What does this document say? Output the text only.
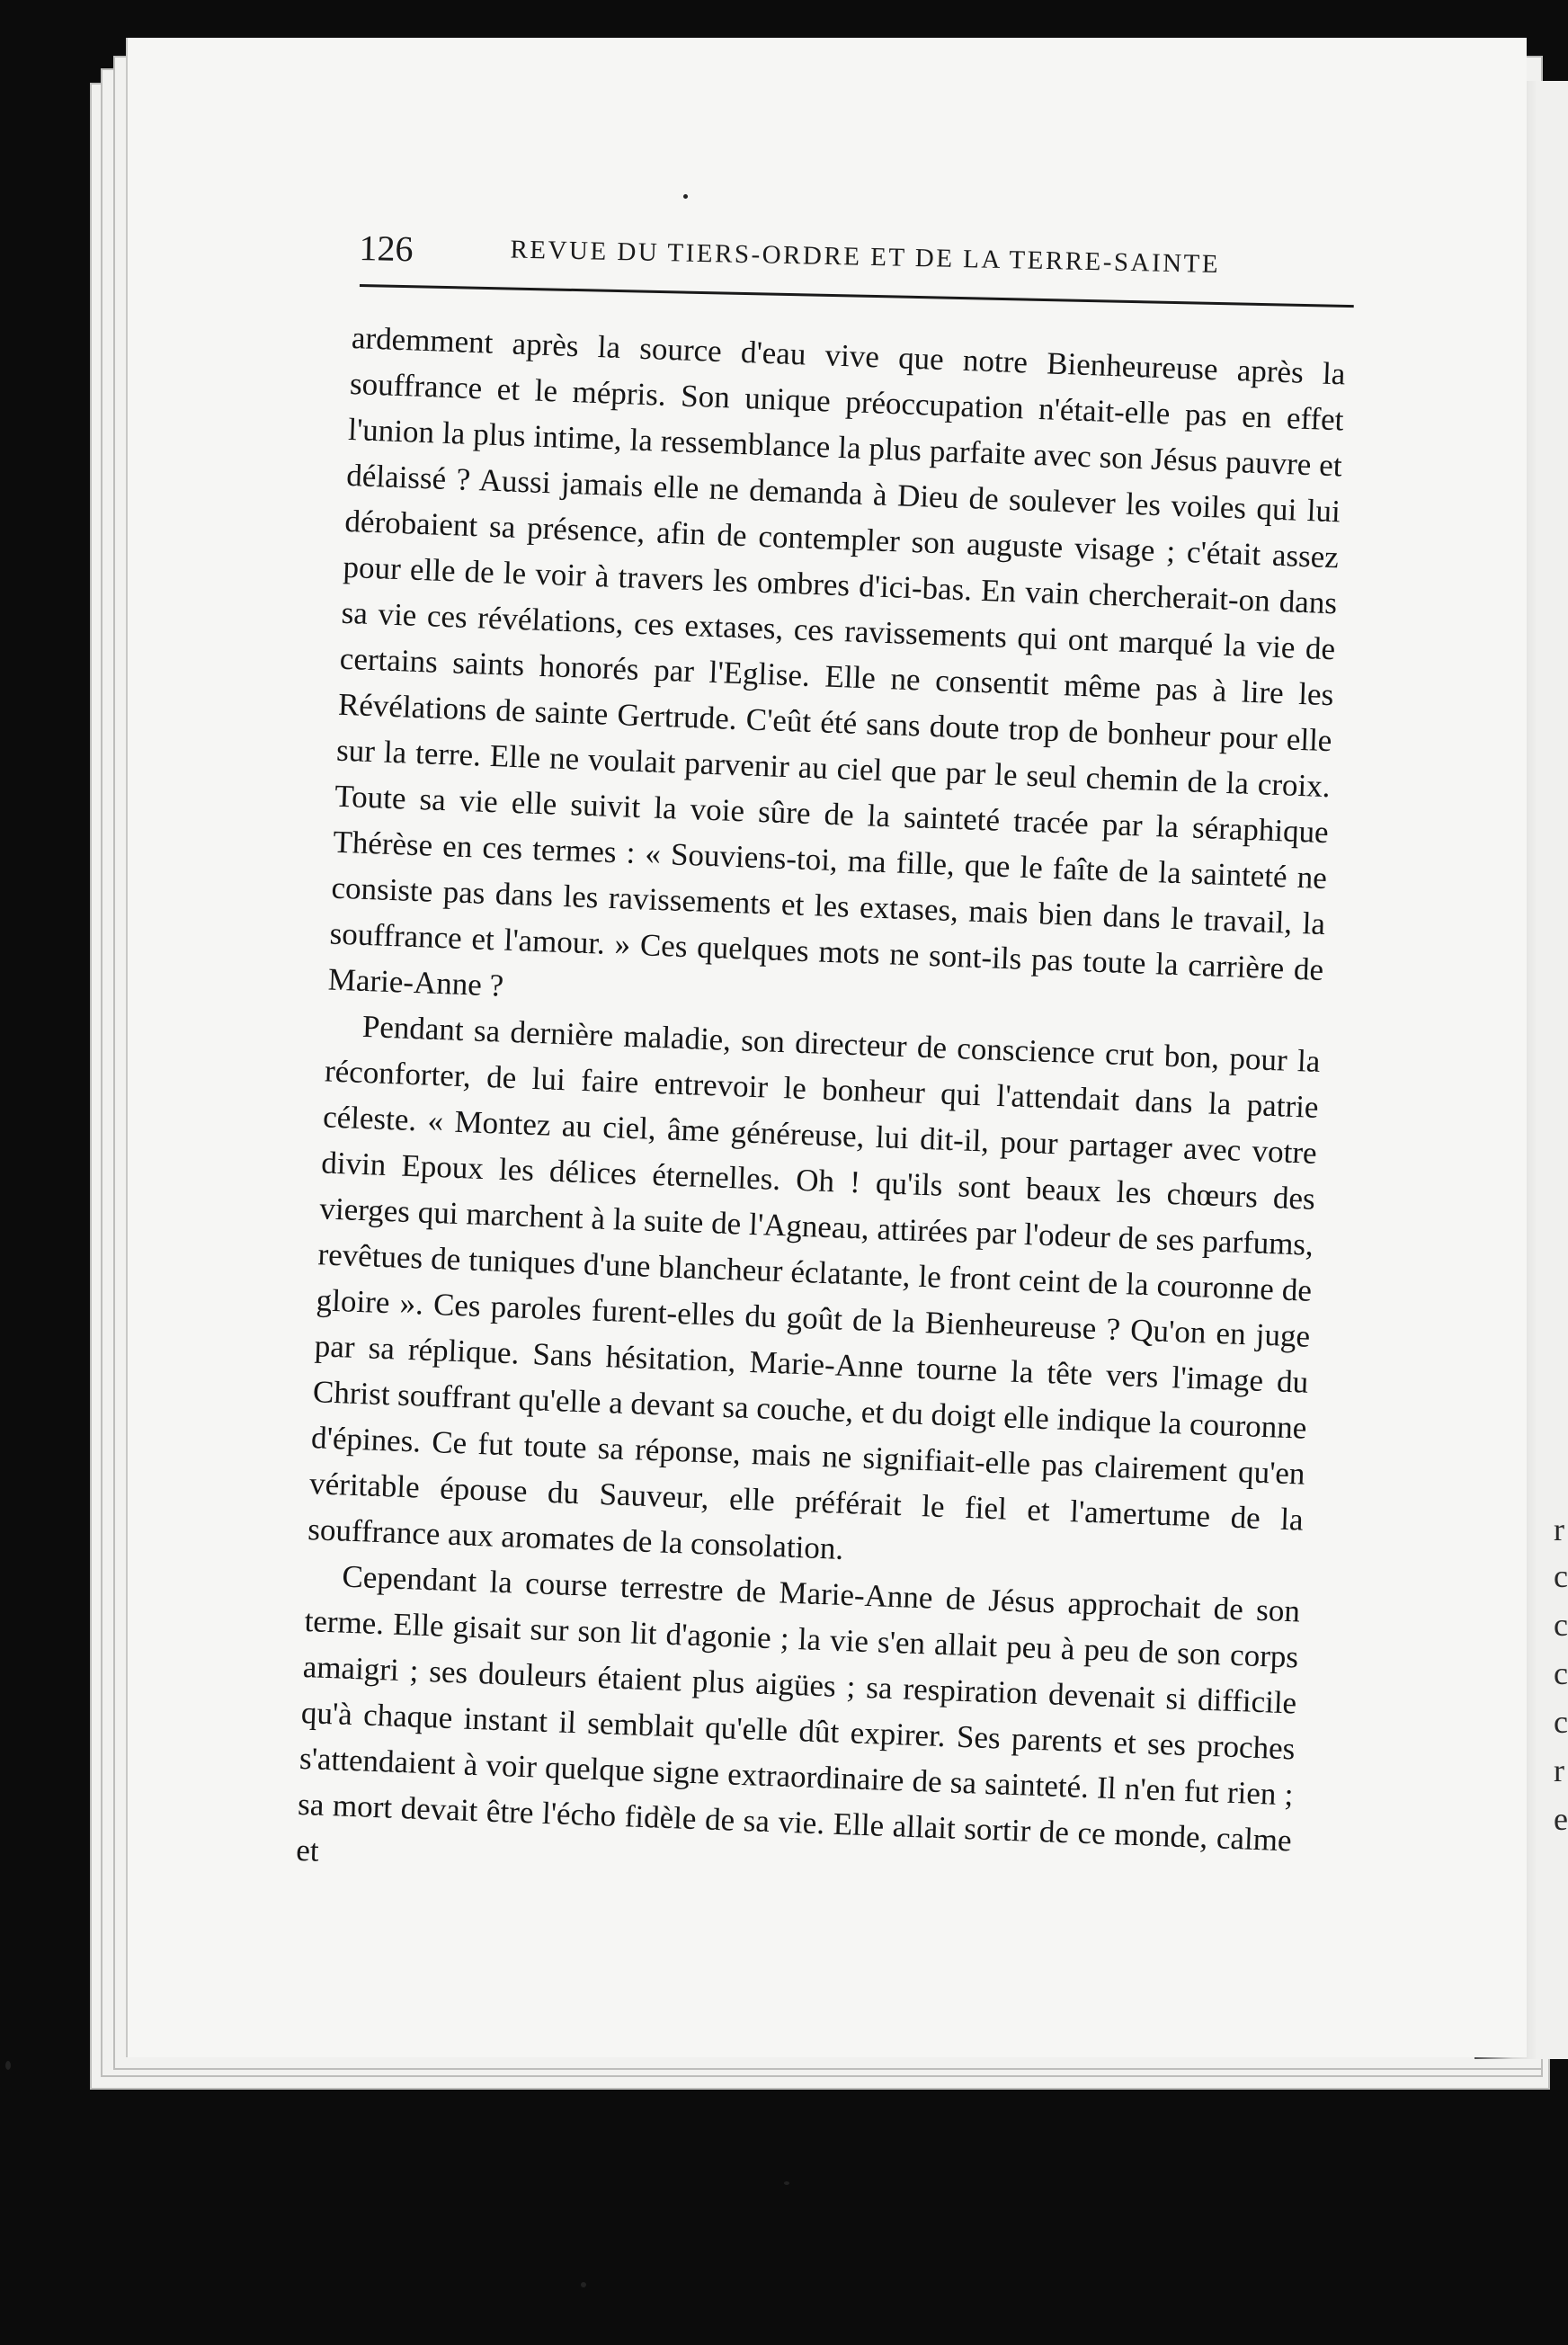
126	REVUE DU TIERS-ORDRE ET DE LA TERRE-SAINTE

ardemment après la source d'eau vive que notre Bienheureuse après la souffrance et le mépris. Son unique préoccupation n'était-elle pas en effet l'union la plus intime, la ressemblance la plus parfaite avec son Jésus pauvre et délaissé ? Aussi jamais elle ne demanda à Dieu de soulever les voiles qui lui dérobaient sa présence, afin de contempler son auguste visage ; c'était assez pour elle de le voir à travers les ombres d'ici-bas. En vain chercherait-on dans sa vie ces révélations, ces extases, ces ravissements qui ont marqué la vie de certains saints honorés par l'Eglise. Elle ne consentit même pas à lire les Révélations de sainte Gertrude. C'eût été sans doute trop de bonheur pour elle sur la terre. Elle ne voulait parvenir au ciel que par le seul chemin de la croix. Toute sa vie elle suivit la voie sûre de la sainteté tracée par la séraphique Thérèse en ces termes : « Souviens-toi, ma fille, que le faîte de la sainteté ne consiste pas dans les ravissements et les extases, mais bien dans le travail, la souffrance et l'amour. » Ces quelques mots ne sont-ils pas toute la carrière de Marie-Anne ?

Pendant sa dernière maladie, son directeur de conscience crut bon, pour la réconforter, de lui faire entrevoir le bonheur qui l'attendait dans la patrie céleste. « Montez au ciel, âme généreuse, lui dit-il, pour partager avec votre divin Epoux les délices éternelles. Oh ! qu'ils sont beaux les chœurs des vierges qui marchent à la suite de l'Agneau, attirées par l'odeur de ses parfums, revêtues de tuniques d'une blancheur éclatante, le front ceint de la couronne de gloire ». Ces paroles furent-elles du goût de la Bienheureuse ? Qu'on en juge par sa réplique. Sans hésitation, Marie-Anne tourne la tête vers l'image du Christ souffrant qu'elle a devant sa couche, et du doigt elle indique la couronne d'épines. Ce fut toute sa réponse, mais ne signifiait-elle pas clairement qu'en véritable épouse du Sauveur, elle préférait le fiel et l'amertume de la souffrance aux aromates de la consolation.

Cependant la course terrestre de Marie-Anne de Jésus approchait de son terme. Elle gisait sur son lit d'agonie ; la vie s'en allait peu à peu de son corps amaigri ; ses douleurs étaient plus aigües ; sa respiration devenait si difficile qu'à chaque instant il semblait qu'elle dût expirer. Ses parents et ses proches s'attendaient à voir quelque signe extraordinaire de sa sainteté. Il n'en fut rien ; sa mort devait être l'écho fidèle de sa vie. Elle allait sortir de ce monde, calme et

r
c
c
c
c
r
e
